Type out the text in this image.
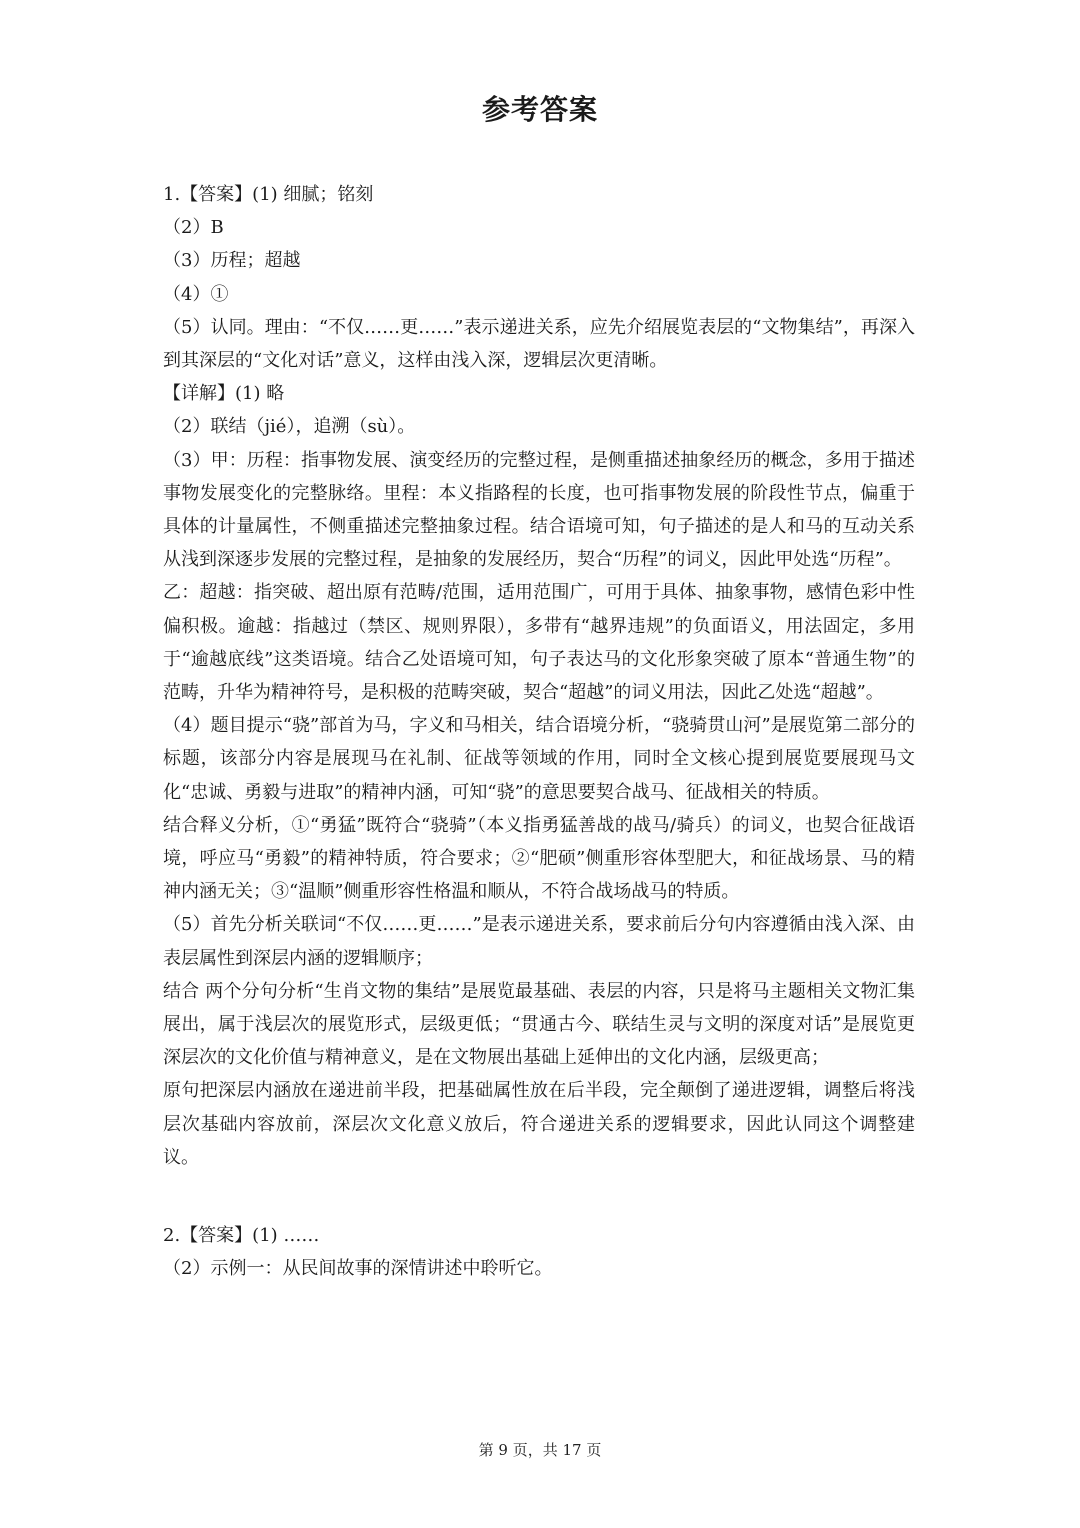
参考答案

1.【答案】(1) 细腻；铭刻

（2）B

（3）历程；超越

（4）①

（5）认同。理由：“不仅……更……”表示递进关系，应先介绍展览表层的“文物集结”，再深入到其深层的“文化对话”意义，这样由浅入深，逻辑层次更清晰。

【详解】(1) 略

（2）联结（jié），追溯（sù）。

（3）甲：历程：指事物发展、演变经历的完整过程，是侧重描述抽象经历的概念，多用于描述事物发展变化的完整脉络。里程：本义指路程的长度，也可指事物发展的阶段性节点，偏重于具体的计量属性，不侧重描述完整抽象过程。结合语境可知，句子描述的是人和马的互动关系从浅到深逐步发展的完整过程，是抽象的发展经历，契合“历程”的词义，因此甲处选“历程”。

乙：超越：指突破、超出原有范畴/范围，适用范围广，可用于具体、抽象事物，感情色彩中性偏积极。逾越：指越过（禁区、规则界限），多带有“越界违规”的负面语义，用法固定，多用于“逾越底线”这类语境。结合乙处语境可知，句子表达马的文化形象突破了原本“普通生物”的范畴，升华为精神符号，是积极的范畴突破，契合“超越”的词义用法，因此乙处选“超越”。

（4）题目提示“骁”部首为马，字义和马相关，结合语境分析，“骁骑贯山河”是展览第二部分的标题，该部分内容是展现马在礼制、征战等领域的作用，同时全文核心提到展览要展现马文化“忠诚、勇毅与进取”的精神内涵，可知“骁”的意思要契合战马、征战相关的特质。

结合释义分析，①“勇猛”既符合“骁骑”（本义指勇猛善战的战马/骑兵）的词义，也契合征战语境，呼应马“勇毅”的精神特质，符合要求；②“肥硕”侧重形容体型肥大，和征战场景、马的精神内涵无关；③“温顺”侧重形容性格温和顺从，不符合战场战马的特质。

（5）首先分析关联词“不仅……更……”是表示递进关系，要求前后分句内容遵循由浅入深、由表层属性到深层内涵的逻辑顺序；

结合 两个分句分析“生肖文物的集结”是展览最基础、表层的内容，只是将马主题相关文物汇集展出，属于浅层次的展览形式，层级更低；“贯通古今、联结生灵与文明的深度对话”是展览更深层次的文化价值与精神意义，是在文物展出基础上延伸出的文化内涵，层级更高；

原句把深层内涵放在递进前半段，把基础属性放在后半段，完全颠倒了递进逻辑，调整后将浅层次基础内容放前，深层次文化意义放后，符合递进关系的逻辑要求，因此认同这个调整建议。

2.【答案】(1) ……

（2）示例一：从民间故事的深情讲述中聆听它。

第 9 页，共 17 页
